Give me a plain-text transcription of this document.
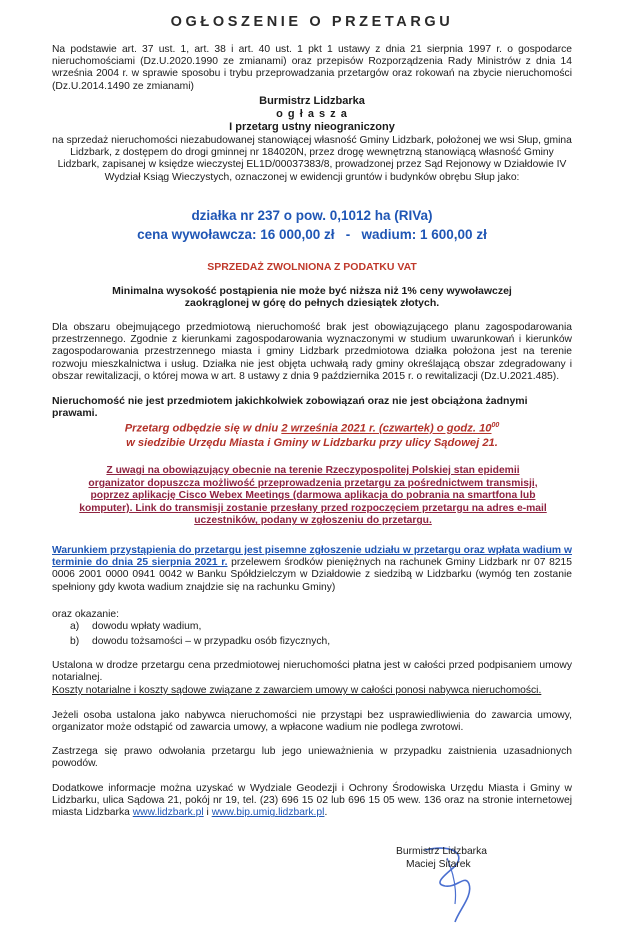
OGŁOSZENIE O PRZETARGU
Na podstawie art. 37 ust. 1, art. 38 i art. 40 ust. 1 pkt 1 ustawy z dnia 21 sierpnia 1997 r. o gospodarce nieruchomościami (Dz.U.2020.1990 ze zmianami) oraz przepisów Rozporządzenia Rady Ministrów z dnia 14 września 2004 r. w sprawie sposobu i trybu przeprowadzania przetargów oraz rokowań na zbycie nieruchomości (Dz.U.2014.1490 ze zmianami)
Burmistrz Lidzbarka
o g ł a s z a
I przetarg ustny nieograniczony
na sprzedaż nieruchomości niezabudowanej stanowiącej własność Gminy Lidzbark, położonej we wsi Słup, gmina Lidzbark, z dostępem do drogi gminnej nr 184020N, przez drogę wewnętrzną stanowiącą własność Gminy Lidzbark, zapisanej w księdze wieczystej EL1D/00037383/8, prowadzonej przez Sąd Rejonowy w Działdowie IV Wydział Ksiąg Wieczystych, oznaczonej w ewidencji gruntów i budynków obrębu Słup jako:
działka nr 237 o pow. 0,1012 ha (RIVa)
cena wywoławcza: 16 000,00 zł   -   wadium: 1 600,00 zł
SPRZEDAŻ ZWOLNIONA Z PODATKU VAT
Minimalna wysokość postąpienia nie może być niższa niż 1% ceny wywoławczej zaokrąglonej w górę do pełnych dziesiątek złotych.
Dla obszaru obejmującego przedmiotową nieruchomość brak jest obowiązującego planu zagospodarowania przestrzennego. Zgodnie z kierunkami zagospodarowania wyznaczonymi w studium uwarunkowań i kierunków zagospodarowania przestrzennego miasta i gminy Lidzbark przedmiotowa działka położona jest na terenie rozwoju mieszkalnictwa i usług. Działka nie jest objęta uchwałą rady gminy określającą obszar zdegradowany i obszar rewitalizacji, o której mowa w art. 8 ustawy z dnia 9 października 2015 r. o rewitalizacji (Dz.U.2021.485).
Nieruchomość nie jest przedmiotem jakichkolwiek zobowiązań oraz nie jest obciążona żadnymi prawami.
Przetarg odbędzie się w dniu 2 września 2021 r. (czwartek) o godz. $10^{00}$
w siedzibie Urzędu Miasta i Gminy w Lidzbarku przy ulicy Sądowej 21.
Z uwagi na obowiązujący obecnie na terenie Rzeczypospolitej Polskiej stan epidemii organizator dopuszcza możliwość przeprowadzenia przetargu za pośrednictwem transmisji, poprzez aplikację Cisco Webex Meetings (darmowa aplikacja do pobrania na smartfona lub komputer). Link do transmisji zostanie przesłany przed rozpoczęciem przetargu na adres e-mail uczestników, podany w zgłoszeniu do przetargu.
Warunkiem przystąpienia do przetargu jest pisemne zgłoszenie udziału w przetargu oraz wpłata wadium w terminie do dnia 25 sierpnia 2021 r. przelewem środków pieniężnych na rachunek Gminy Lidzbark nr 07 8215 0006 2001 0000 0941 0042 w Banku Spółdzielczym w Działdowie z siedzibą w Lidzbarku (wymóg ten zostanie spełniony gdy kwota wadium znajdzie się na rachunku Gminy)
oraz okazanie:
a) dowodu wpłaty wadium,
b) dowodu tożsamości – w przypadku osób fizycznych,
Ustalona w drodze przetargu cena przedmiotowej nieruchomości płatna jest w całości przed podpisaniem umowy notarialnej.
Koszty notarialne i koszty sądowe związane z zawarciem umowy w całości ponosi nabywca nieruchomości.
Jeżeli osoba ustalona jako nabywca nieruchomości nie przystąpi bez usprawiedliwienia do zawarcia umowy, organizator może odstąpić od zawarcia umowy, a wpłacone wadium nie podlega zwrotowi.
Zastrzega się prawo odwołania przetargu lub jego unieważnienia w przypadku zaistnienia uzasadnionych powodów.
Dodatkowe informacje można uzyskać w Wydziale Geodezji i Ochrony Środowiska Urzędu Miasta i Gminy w Lidzbarku, ulica Sądowa 21, pokój nr 19, tel. (23) 696 15 02 lub 696 15 05 wew. 136 oraz na stronie internetowej miasta Lidzbarka www.lidzbark.pl i www.bip.umig.lidzbark.pl.
Burmistrz Lidzbarka
Maciej Sitarek
